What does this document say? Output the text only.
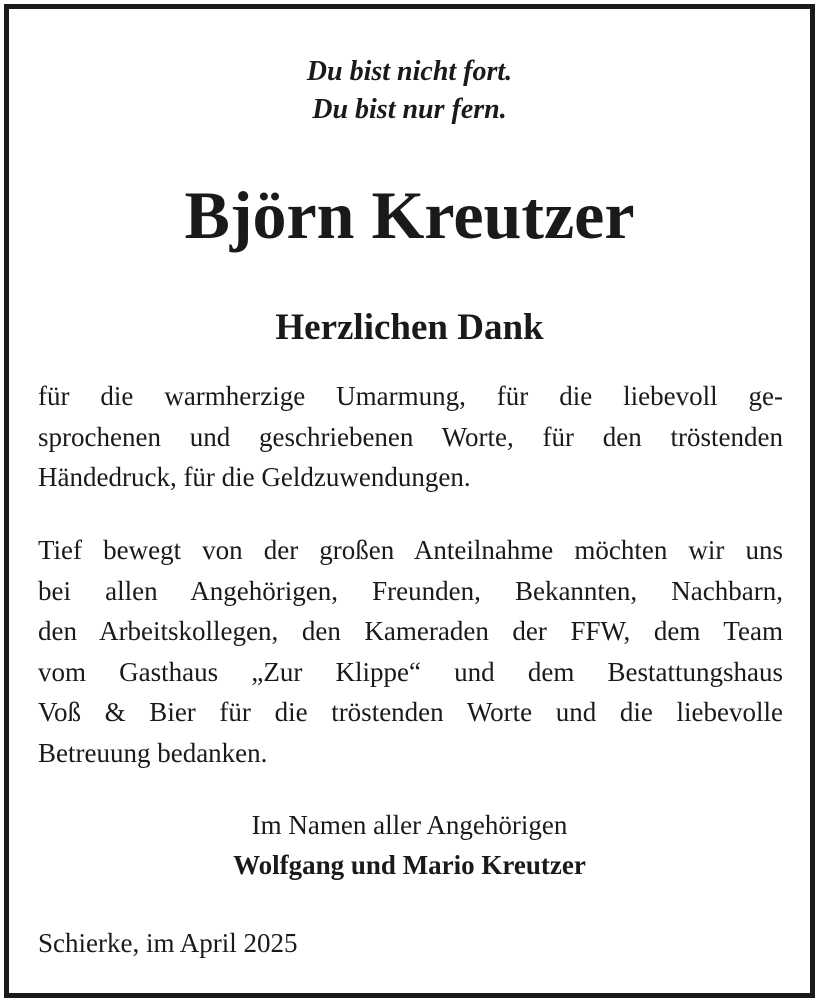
Du bist nicht fort.
Du bist nur fern.
Björn Kreutzer
Herzlichen Dank

für die warmherzige Umarmung, für die liebevoll ge-
sprochenen und geschriebenen Worte, für den tröstenden
Händedruck, für die Geldzuwendungen.

Tief bewegt von der großen Anteilnahme möchten wir uns
bei allen Angehörigen, Freunden, Bekannten, Nachbarn,
den Arbeitskollegen, den Kameraden der FFW, dem Team
vom Gasthaus „Zur Klippe“ und dem Bestattungshaus
Voß & Bier für die tröstenden Worte und die liebevolle
Betreuung bedanken.

Im Namen aller Angehörigen
Wolfgang und Mario Kreutzer
Schierke, im April 2025
